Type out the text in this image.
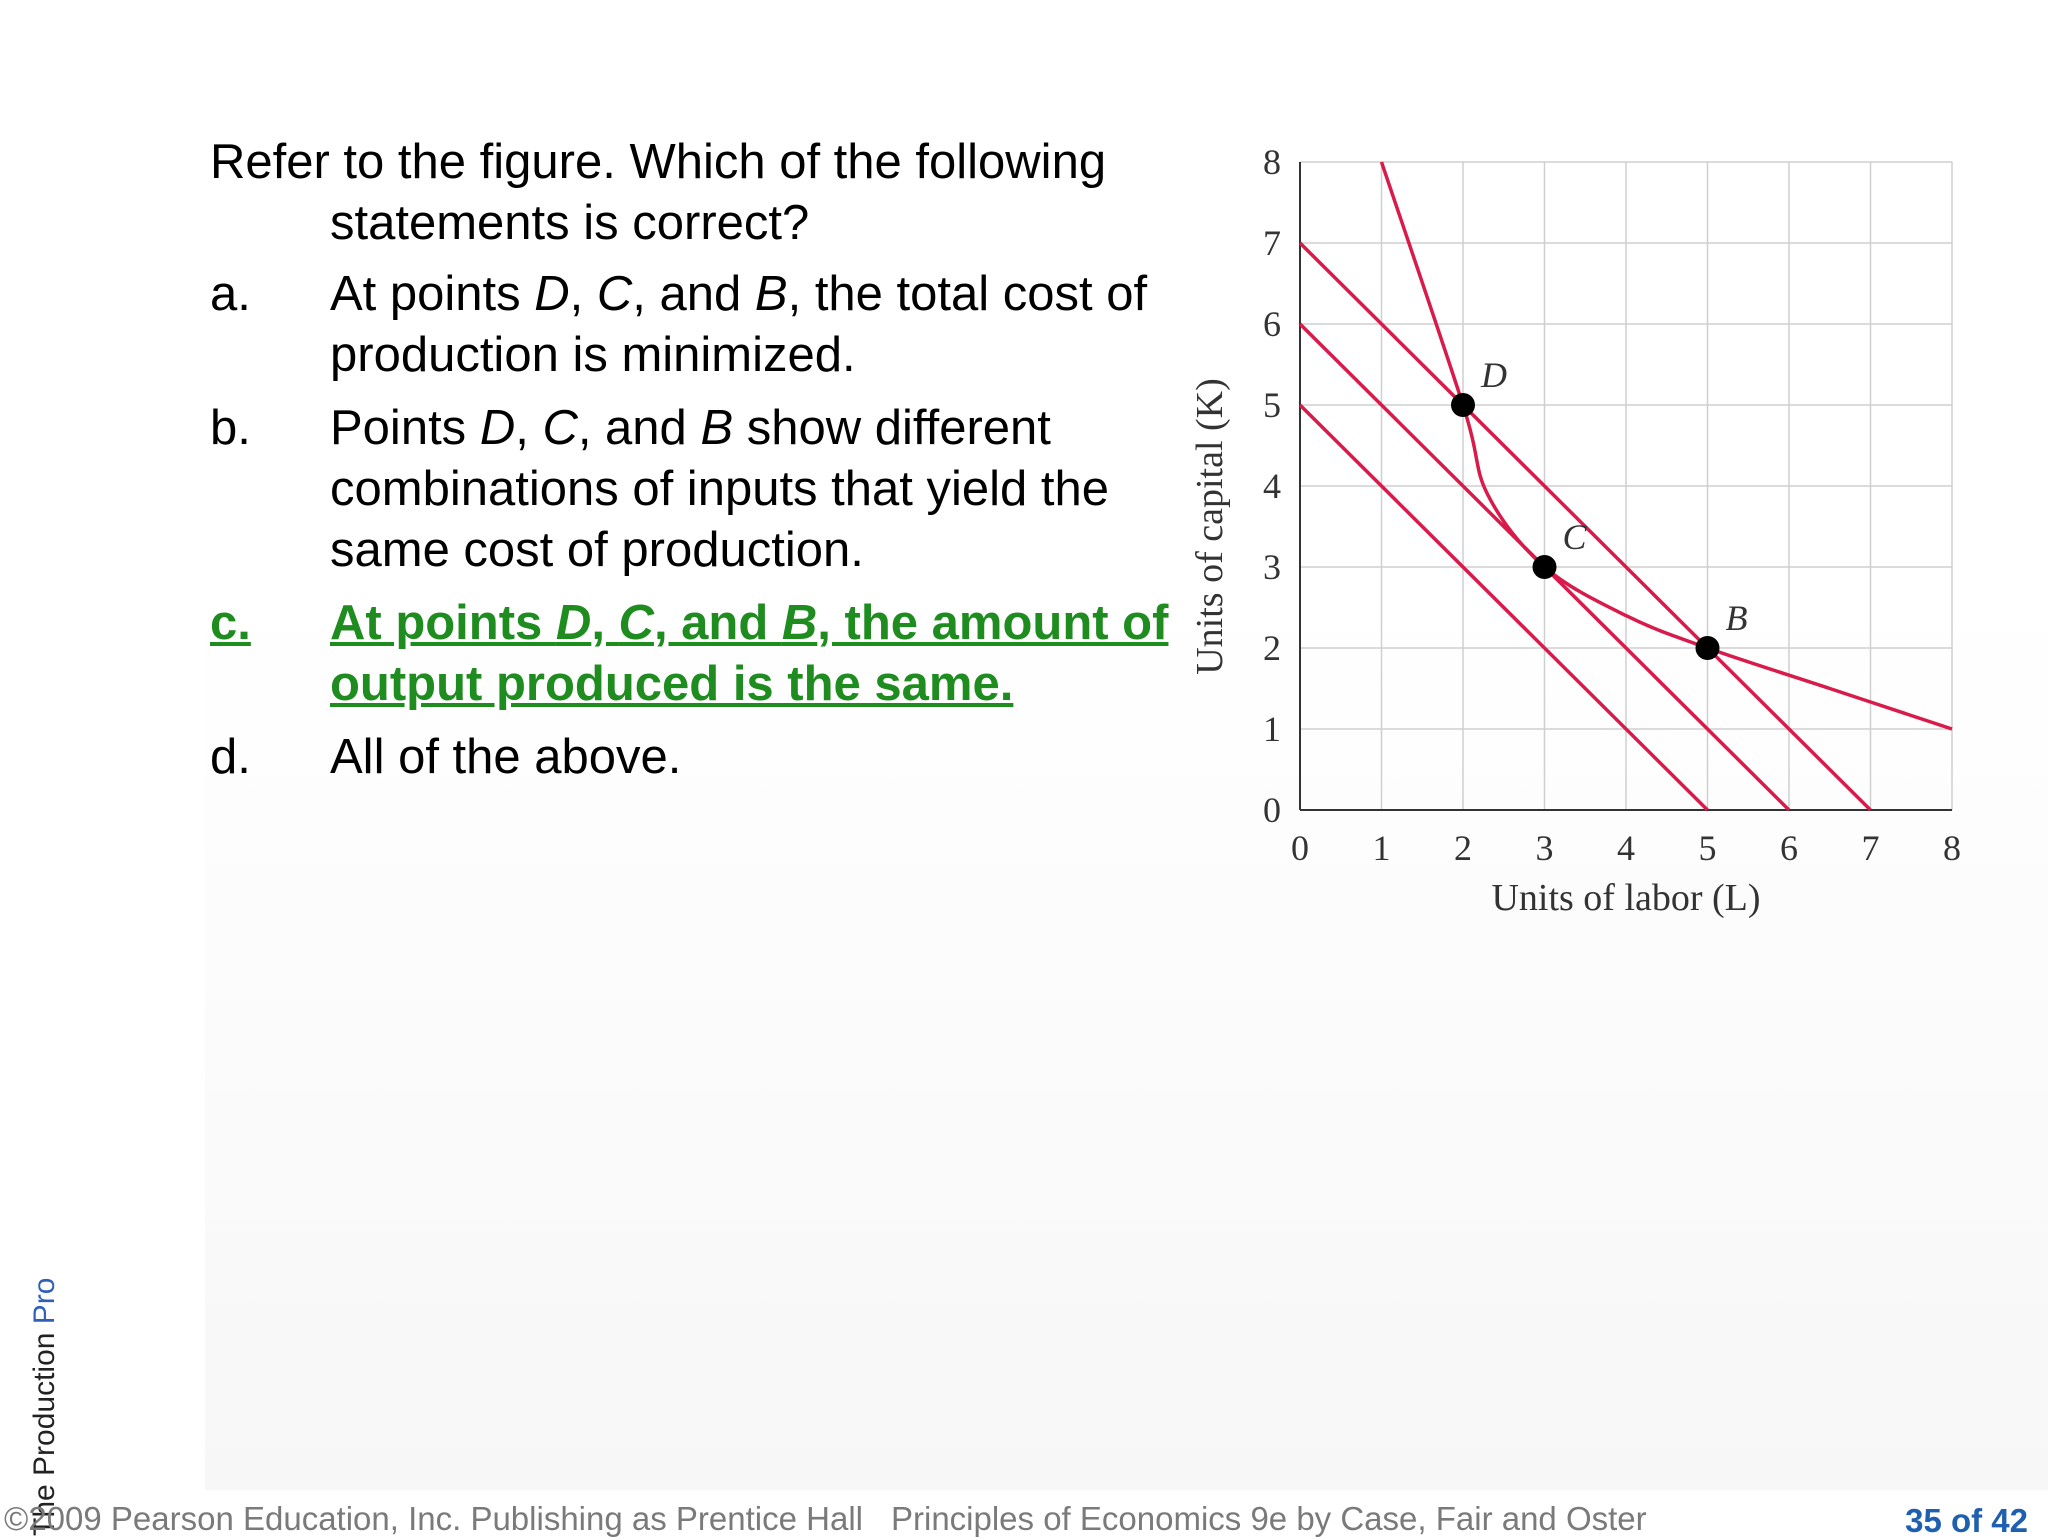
Refer to the figure. Which of the following

statements is correct?

a.	At points D, C, and B, the total cost of production is minimized.
b.	Points D, C, and B show different combinations of inputs that yield the same cost of production.
c.	At points D, C, and B, the amount of output produced is the same.
d.	All of the above.
0 1 2 3 4 5 6 7 8
0
1
2
3
4
5
6
7
8
Units of labor (L)
Units of capital (K)
D
C
B
The Production Pro
©2009 Pearson Education, Inc. Publishing as Prentice Hall Principles of Economics 9e by Case, Fair and Oster	35 of 42
